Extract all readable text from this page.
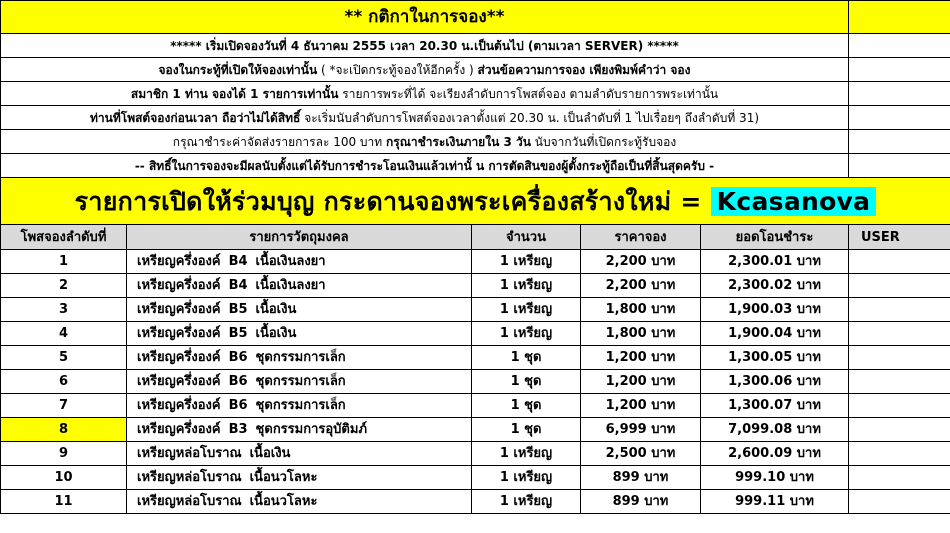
** กติกาในการจอง**					
***** เริ่มเปิดจองวันที่ 4 ธันวาคม 2555 เวลา 20.30 น.เป็นต้นไป (ตามเวลา SERVER) *****					
จองในกระทู้ที่เปิดให้จองเท่านั้น ( *จะเปิดกระทู้จองให้อีกครั้ง ) ส่วนข้อความการจอง เพียงพิมพ์คำว่า จอง					
สมาชิก 1 ท่าน จองได้ 1 รายการเท่านั้น รายการพระที่ได้ จะเรียงลำดับการโพสต์จอง ตามลำดับรายการพระเท่านั้น					
ท่านที่โพสต์จองก่อนเวลา ถือว่าไม่ได้สิทธิ์ จะเริ่มนับลำดับการโพสต์จองเวลาตั้งแต่ 20.30 น. เป็นลำดับที่ 1 ไปเรื่อยๆ ถึงลำดับที่ 31)					
กรุณาชำระค่าจัดส่งรายการละ 100 บาท กรุณาชำระเงินภายใน 3 วัน นับจากวันที่เปิดกระทู้รับจอง					
-- สิทธิ์ในการจองจะมีผลนับตั้งแต่ได้รับการชำระโอนเงินแล้วเท่านั้ น การตัดสินของผู้ตั้งกระทู้ถือเป็นที่สิ้นสุดครับ -					
รายการเปิดให้ร่วมบุญ กระดานจองพระเครื่องสร้างใหม่ = Kcasanova					
โพสจองลำดับที่	รายการวัตถุมงคล	จำนวน	ราคาจอง	ยอดโอนชำระ	USER
1	เหรียญครึ่งองค์ B4 เนื้อเงินลงยา	1 เหรียญ	2,200 บาท	2,300.01 บาท	
2	เหรียญครึ่งองค์ B4 เนื้อเงินลงยา	1 เหรียญ	2,200 บาท	2,300.02 บาท	
3	เหรียญครึ่งองค์ B5 เนื้อเงิน	1 เหรียญ	1,800 บาท	1,900.03 บาท	
4	เหรียญครึ่งองค์ B5 เนื้อเงิน	1 เหรียญ	1,800 บาท	1,900.04 บาท	
5	เหรียญครึ่งองค์ B6 ชุดกรรมการเล็ก	1 ชุด	1,200 บาท	1,300.05 บาท	
6	เหรียญครึ่งองค์ B6 ชุดกรรมการเล็ก	1 ชุด	1,200 บาท	1,300.06 บาท	
7	เหรียญครึ่งองค์ B6 ชุดกรรมการเล็ก	1 ชุด	1,200 บาท	1,300.07 บาท	
8	เหรียญครึ่งองค์ B3 ชุดกรรมการอุบัติมภ์	1 ชุด	6,999 บาท	7,099.08 บาท	
9	เหรียญหล่อโบราณ เนื้อเงิน	1 เหรียญ	2,500 บาท	2,600.09 บาท	
10	เหรียญหล่อโบราณ เนื้อนวโลหะ	1 เหรียญ	899 บาท	999.10 บาท	
11	เหรียญหล่อโบราณ เนื้อนวโลหะ	1 เหรียญ	899 บาท	999.11 บาท	
